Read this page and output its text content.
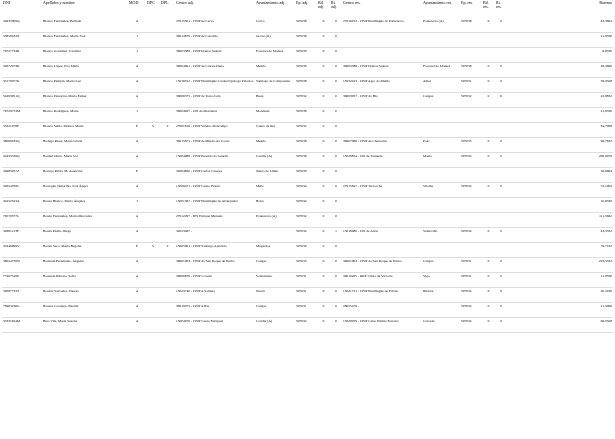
DNI	Apellidos y nombre	MOD	DPC	DPL	Centro adj.	Ayuntamiento adj.	Ep. adj.	Bil. adj.	Ri. adj.	Centro res.	Ayuntamiento res.	Ep. res.	Bil. res.	Ri. res.	Baremo
34635009Q	Blanco Fernández, Belinda	A			27015301 - CEIP de Cervo	Cervo	597038	0	0	27016253 - CEIP Plurilingüe da Pontenova	Pontenova (A)	597038	0	0	43,3664
33858183X	Blanco Fernández, María José	J			36014878 - CEIP de Cotoriño	Grove (O)	597038	0	0						21,8330
76727734R	Blanco González, Carolina	J			36003388 - CEIP Doutor Suárez	Forcarei de Montes	597038	0	0						6,8330
32672073K	Blanco López, Eva María	A			36004691 - CEIP de Cruces-Deza	Meaño	597038	0	0	36003388 - CEIP Doutor Suárez	Forcarei de Montes	597038	0	0	28,3666
33170077K	Blanco Pampín, María Luz	A			15016012 - CEIP Plurilingüe Cardeal Quiroga Palacios	Santiago de Compostela	597038	0	0	15032423 - CEIP Agro do Muíño	Ames	597031	0	0	59,3328
52493951Q	Blanco Pastoriza, María Esther	A			36006575 - CEIP de Torre-Cela	Bueu	597032	0	0	36003057 - CEIP do Hío	Cangas	597032	0	0	22,8832
76729753M	Blanco Rodríguez, María	J			36004927 - CPI de Mondariz	Mondariz	597038	0	0						21,8330
33321078F	Blanco Saiño, Mónica María	E	S	S	27001816 - CEIP Valeiro-Doncampo	Castro de Rei	597032	0	0						64,7998
36069183Q	Bodega Pérez, María Gloria	A			36015871 - CEIP de Miudo-As Covas	Meaño	597038	0	0	36007060 - CEIP de Chancelas	Poio	597035	0	0	99,7832
32433339Q	Bonhel Otero, María Sol	A			15004988 - CEIP Eusebio da Guarda	Coruña (A)	597038	0	0	15028854 - CPI de Xuranda	Mazía	597034	0	0	206,8079
34985957Z	Borrajo Pablo, M. Asunción	E			32004820 - CEIP Carlos Casares	Xinzo de Limia	597038	0	0						56,6664
32654769C	Borregán Tamarillo, José Ángel	A			15009471 - CEIP Castro Brasil	Miño	597034	0	0	27015827 - CEIP Terra Chá	Vilalba	597034	0	0	72,1992
34252523A	Bouza Blanco, María Ángeles	J			15001367 - CEIP Plurilingüe de Abanqueiro	Boiro	597034	0	0						10,8330
76570377L	Bouza Fernández, María Mercedes	A			27012297 - IES Enrique Muruais	Pontenova (A)	597032	0	0						111,5662
32681213F	Bouza Pedín, Diego	A			32023467 -		597034	0	1	15018480 - CPI de Atios	Valdoviño	597034	0	0	43,3332
32446999V	Bouza Seco, María Begoña	E	S	S	15005961 - CEIP Santiago Apóstolo	Mugardos	597036	0	0						76,7162
36024756W	Bouzada Fernández, Ángeles	A			36001003 - CEIP do San Roque de Darbo	Cangas	597033	0	0	36001003 - CEIP do San Roque de Darbo	Cangas	597031	0	0	222,3332
77467316P	Bouzada Ribeiro, Sofía	A			36006878 - CEIP Covedo	Soutomaior	597031	0	0	36010265 - RRE Cristo da Victoria	Vigo	597031	0	0	11,8330
32687733T	Bouzas Saavedra, Vanesa	A			15023740 - CEIP A Solaina	Narón	597031	0	0	15021731 - CEIP Plurilingüe de Frións	Ribeira	597034	0	0	20,3168
76963230G	Bouzas Costlago, Beatriz	A			36019975 - CEIP A Ría	Cangas	597031	0	0	28025476 -		597034	0	0	21,5996
33331624M	Brea Vila, María Susana	A			15004976 - CEIP Cueto Enríquez	Coruña (A)	597032	0	0	15020979 - CEIP Celso Emilio Ferreiro	Cerceda	597034	0	0	66,3328
